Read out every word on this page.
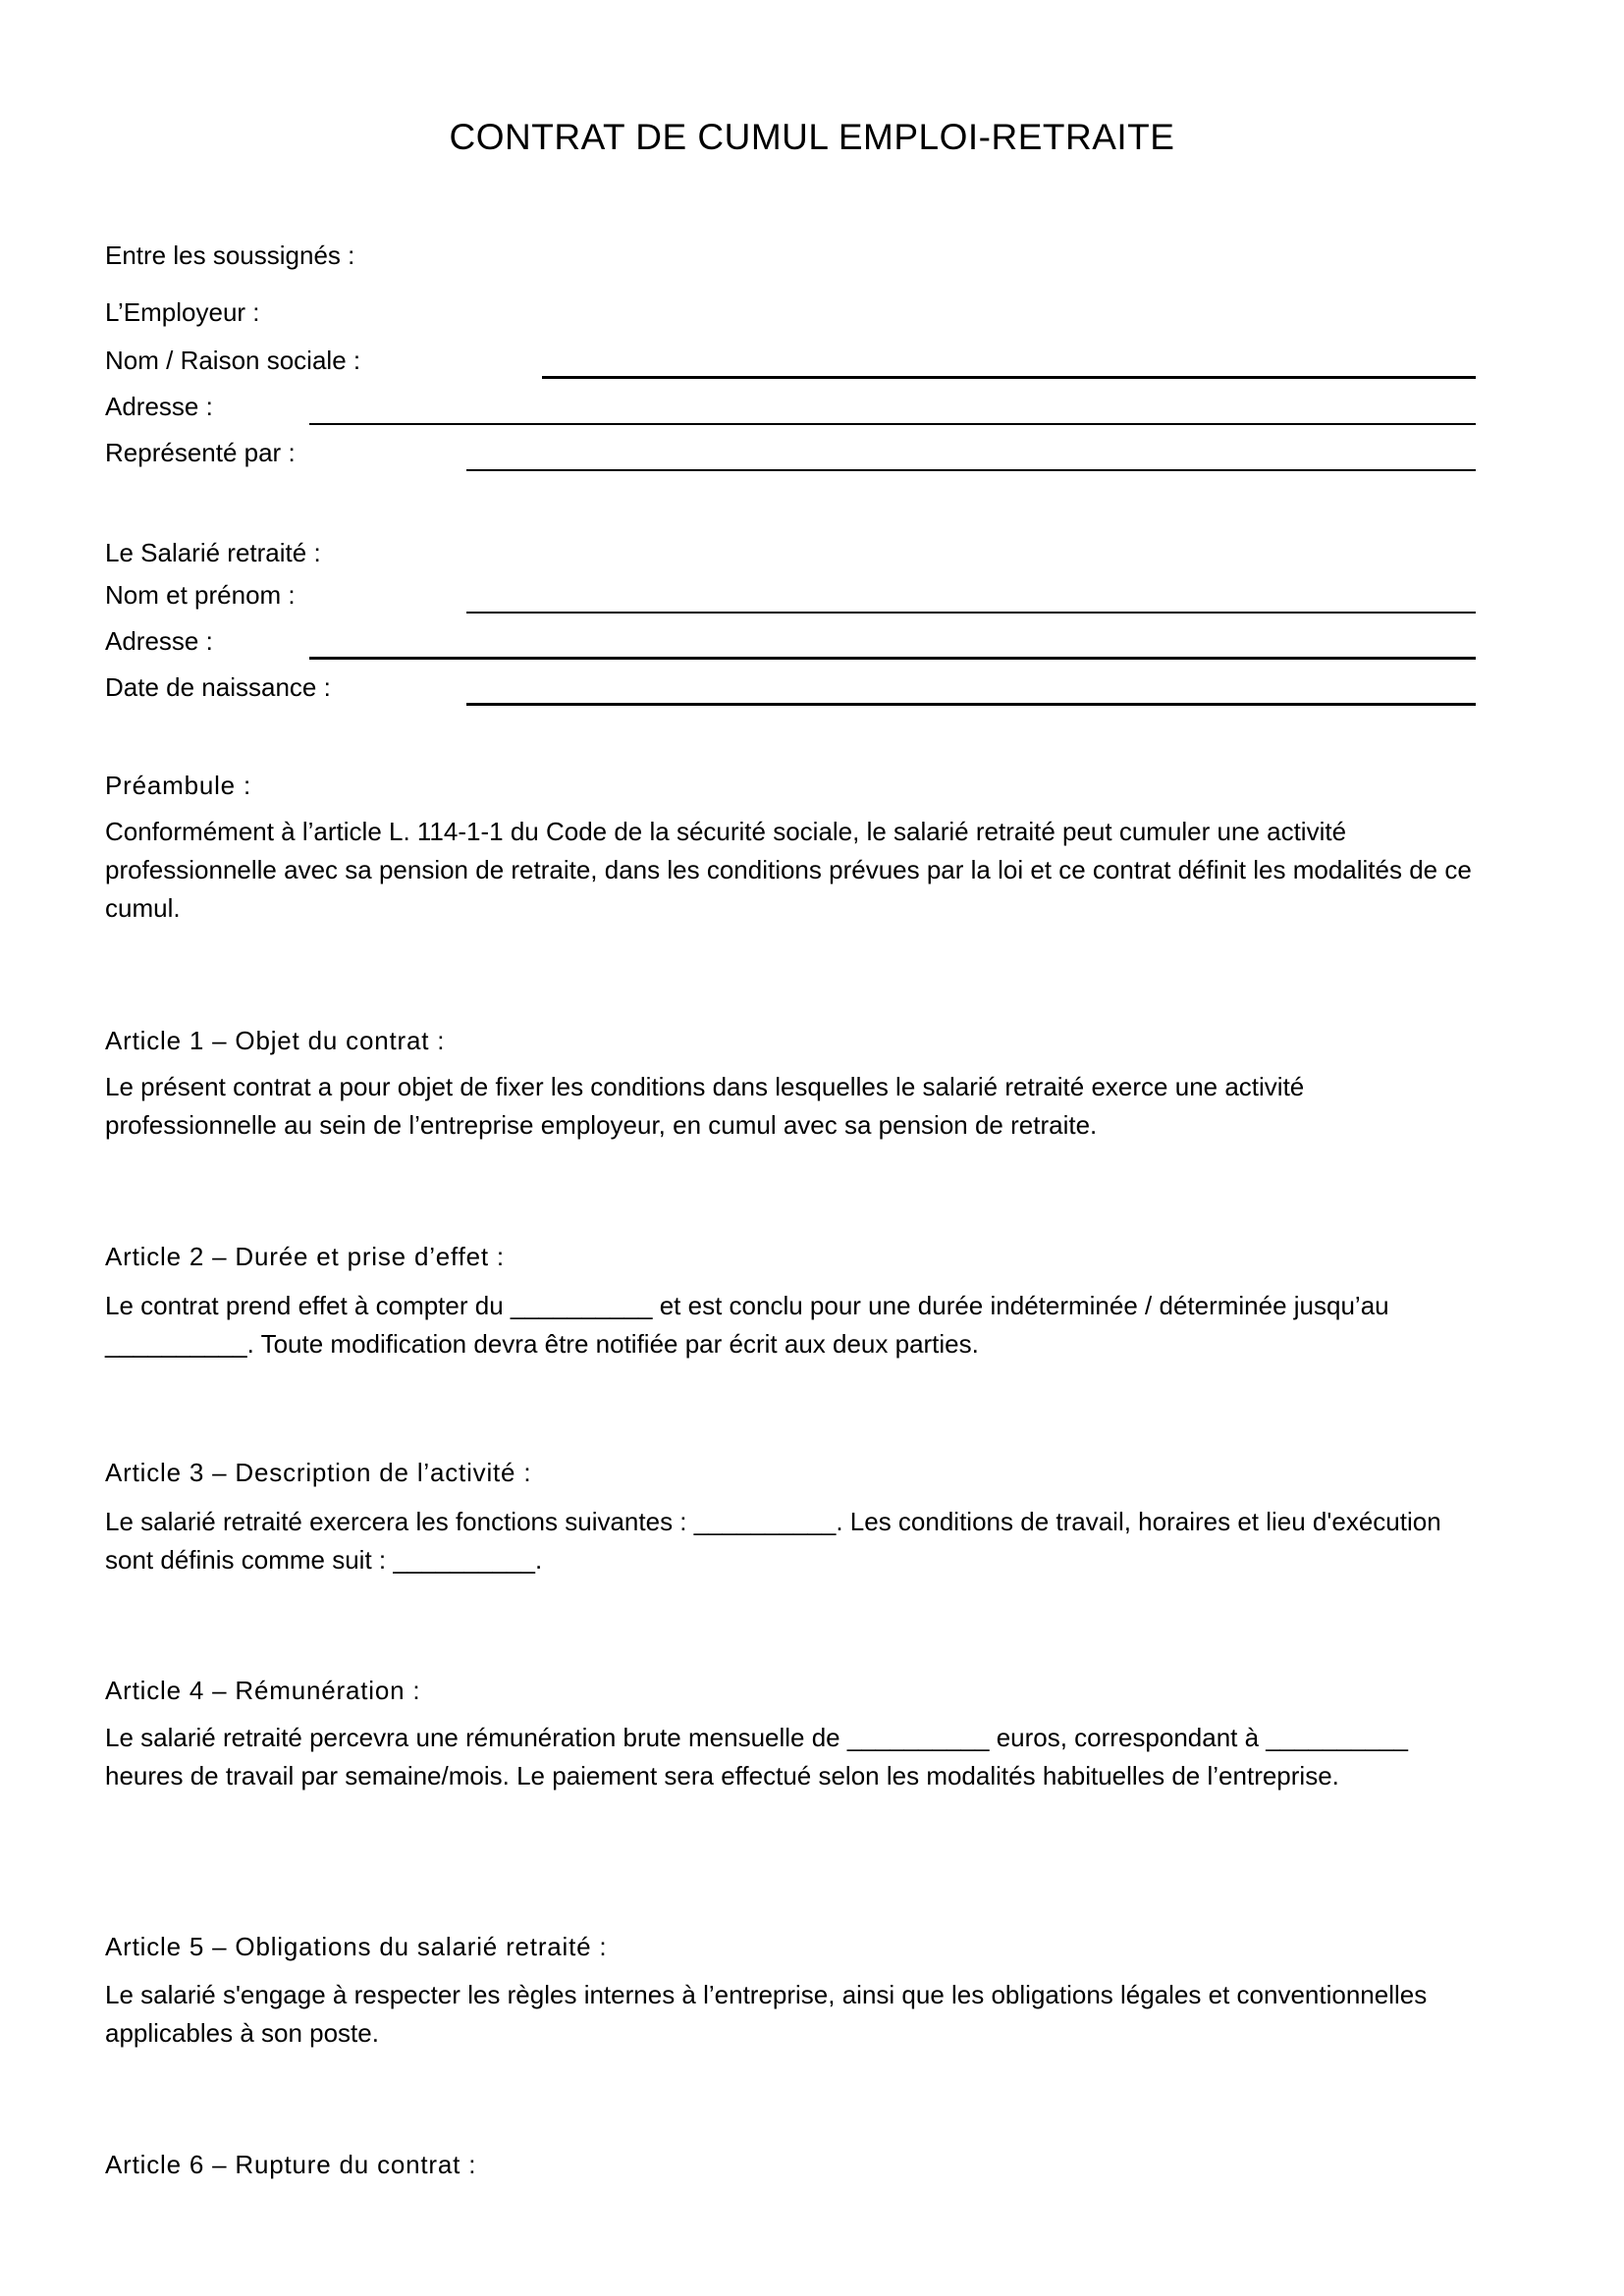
CONTRAT DE CUMUL EMPLOI-RETRAITE
Entre les soussignés :
L’Employeur :
Nom / Raison sociale :
Adresse :
Représenté par :
Le Salarié retraité :
Nom et prénom :
Adresse :
Date de naissance :
Préambule :
Conformément à l’article L. 114-1-1 du Code de la sécurité sociale, le salarié retraité peut cumuler une activité professionnelle avec sa pension de retraite, dans les conditions prévues par la loi et ce contrat définit les modalités de ce cumul.
Article 1 – Objet du contrat :
Le présent contrat a pour objet de fixer les conditions dans lesquelles le salarié retraité exerce une activité professionnelle au sein de l’entreprise employeur, en cumul avec sa pension de retraite.
Article 2 – Durée et prise d’effet :
Le contrat prend effet à compter du __________ et est conclu pour une durée indéterminée / déterminée jusqu’au __________. Toute modification devra être notifiée par écrit aux deux parties.
Article 3 – Description de l’activité :
Le salarié retraité exercera les fonctions suivantes : __________. Les conditions de travail, horaires et lieu d'exécution sont définis comme suit : __________.
Article 4 – Rémunération :
Le salarié retraité percevra une rémunération brute mensuelle de __________ euros, correspondant à __________ heures de travail par semaine/mois. Le paiement sera effectué selon les modalités habituelles de l’entreprise.
Article 5 – Obligations du salarié retraité :
Le salarié s'engage à respecter les règles internes à l’entreprise, ainsi que les obligations légales et conventionnelles applicables à son poste.
Article 6 – Rupture du contrat :
